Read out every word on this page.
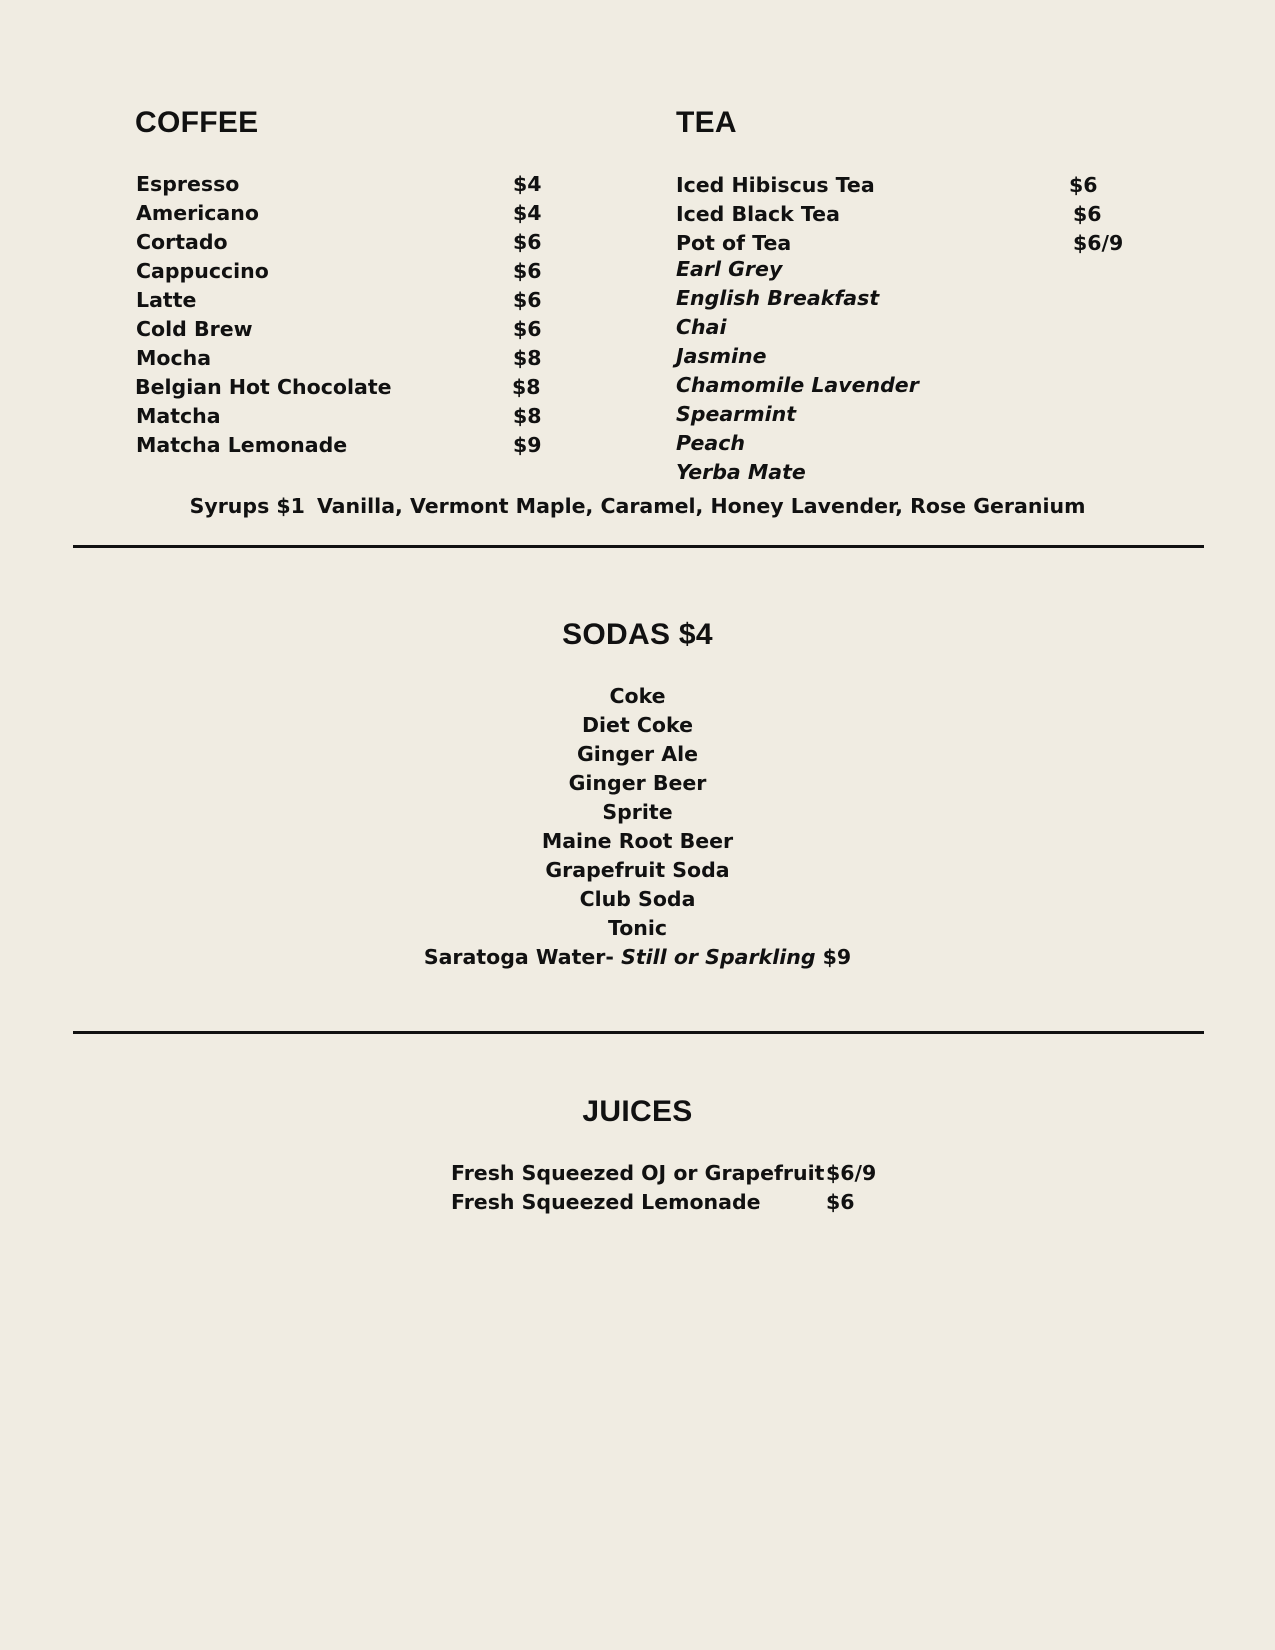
COFFEE
Espresso	$4
Americano	$4
Cortado	$6
Cappuccino	$6
Latte	$6
Cold Brew	$6
Mocha	$8
Belgian Hot Chocolate	$8
Matcha	$8
Matcha Lemonade	$9
TEA
Iced Hibiscus Tea	$6
Iced Black Tea	$6
Pot of Tea	$6/9
Earl Grey
English Breakfast
Chai
Jasmine
Chamomile Lavender
Spearmint
Peach
Yerba Mate
Syrups $1 Vanilla, Vermont Maple, Caramel, Honey Lavender, Rose Geranium
SODAS $4
Coke
Diet Coke
Ginger Ale
Ginger Beer
Sprite
Maine Root Beer
Grapefruit Soda
Club Soda
Tonic
Saratoga Water- Still or Sparkling $9
JUICES
Fresh Squeezed OJ or Grapefruit $6/9
Fresh Squeezed Lemonade	$6
